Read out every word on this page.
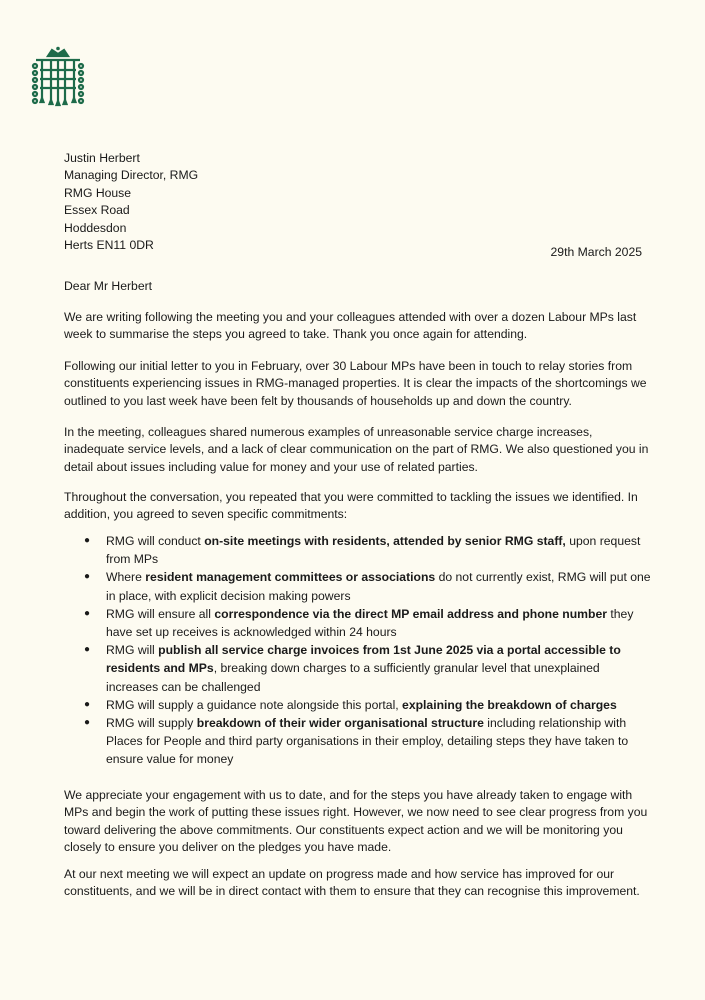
Justin Herbert
Managing Director, RMG
RMG House
Essex Road
Hoddesdon
Herts EN11 0DR	29th March 2025
Dear Mr Herbert
We are writing following the meeting you and your colleagues attended with over a dozen Labour MPs last week to summarise the steps you agreed to take. Thank you once again for attending.
Following our initial letter to you in February, over 30 Labour MPs have been in touch to relay stories from constituents experiencing issues in RMG-managed properties. It is clear the impacts of the shortcomings we outlined to you last week have been felt by thousands of households up and down the country.
In the meeting, colleagues shared numerous examples of unreasonable service charge increases, inadequate service levels, and a lack of clear communication on the part of RMG. We also questioned you in detail about issues including value for money and your use of related parties.
Throughout the conversation, you repeated that you were committed to tackling the issues we identified. In addition, you agreed to seven specific commitments:
● RMG will conduct on-site meetings with residents, attended by senior RMG staff, upon request from MPs
● Where resident management committees or associations do not currently exist, RMG will put one in place, with explicit decision making powers
● RMG will ensure all correspondence via the direct MP email address and phone number they have set up receives is acknowledged within 24 hours
● RMG will publish all service charge invoices from 1st June 2025 via a portal accessible to residents and MPs, breaking down charges to a sufficiently granular level that unexplained increases can be challenged
● RMG will supply a guidance note alongside this portal, explaining the breakdown of charges
● RMG will supply breakdown of their wider organisational structure including relationship with Places for People and third party organisations in their employ, detailing steps they have taken to ensure value for money
We appreciate your engagement with us to date, and for the steps you have already taken to engage with MPs and begin the work of putting these issues right. However, we now need to see clear progress from you toward delivering the above commitments. Our constituents expect action and we will be monitoring you closely to ensure you deliver on the pledges you have made.
At our next meeting we will expect an update on progress made and how service has improved for our constituents, and we will be in direct contact with them to ensure that they can recognise this improvement.
